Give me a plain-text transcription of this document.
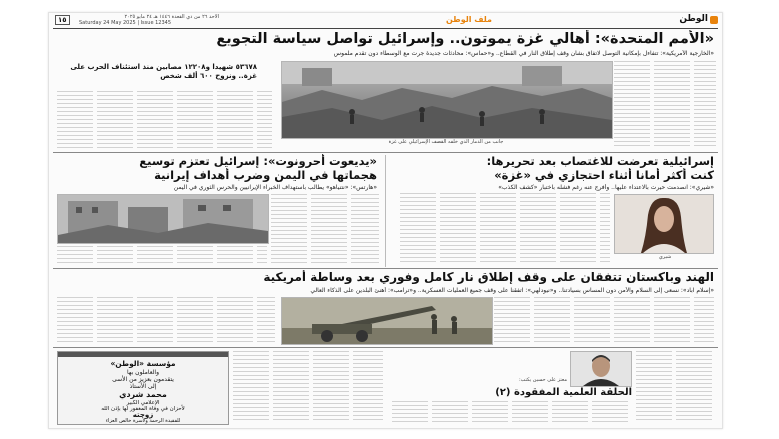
الوطن
ملف الوطن
الاحد ٢٦ من ذي القعدة ١٤٤٦ هـ ٢٤ مايو ٢٠٢٥
Saturday 24 May 2025 | Issue 12345
١٥
«الأمم المتحدة»: أهالي غزة يموتون.. وإسرائيل تواصل سياسة التجويع
«الخارجية الأمريكية»: تتفاءل بإمكانية التوصل لاتفاق بشأن وقف إطلاق النار في القطاع.. و«حماس»: محادثات جديدة جرت مع الوسطاء دون تقدم ملموس
جانب من الدمار الذي خلفه القصف الإسرائيلي على غزة
٥٣٦٧٨ شهيدا و١٢٢٠٨ مصابين منذ استئناف الحرب على غزة.. ونزوح ٦٠٠ ألف شخص
إسرائيلية تعرضت للاغتصاب بعد تحريرها:
كنت أكثر أمانا أثناء احتجازي في «غزة»
«شيري»: انصدمت حيرت بالاعتداء عليها.. وأفرج عنه رغم فشله باختبار «كشف الكذب»
شيري
«يديعوت أحرونوت»: إسرائيل تعتزم توسيع
هجماتها في اليمن وضرب أهداف إيرانية
«هآرتس»: «نتنياهو» يطالب باستهداف الخبراء الإيرانيين والحرس الثوري في اليمن
الهند وباكستان تتفقان على وقف إطلاق نار كامل وفوري بعد وساطة أمريكية
«إسلام آباد»: نسعى إلى السلام والأمن دون المساس بسيادتنا.. و«نيودلهي»: اتفقنا على وقف جميع العمليات العسكرية.. و«ترامب»: أهنئ البلدين على الذكاء العالي
مؤسسة «الوطن»
والعاملون بها
يتقدمون بعزيز من الأسى
إلى الأستاذ
محمد شردي
الإعلامي الكبير
لأحزان في وفاة المغفور لها بإذن الله
زوجته
للفقيدة الرحمة ولأسرة خالص العزاء
معتز على حسين يكتب:
الحلقة العلمية المفقودة (٢)
